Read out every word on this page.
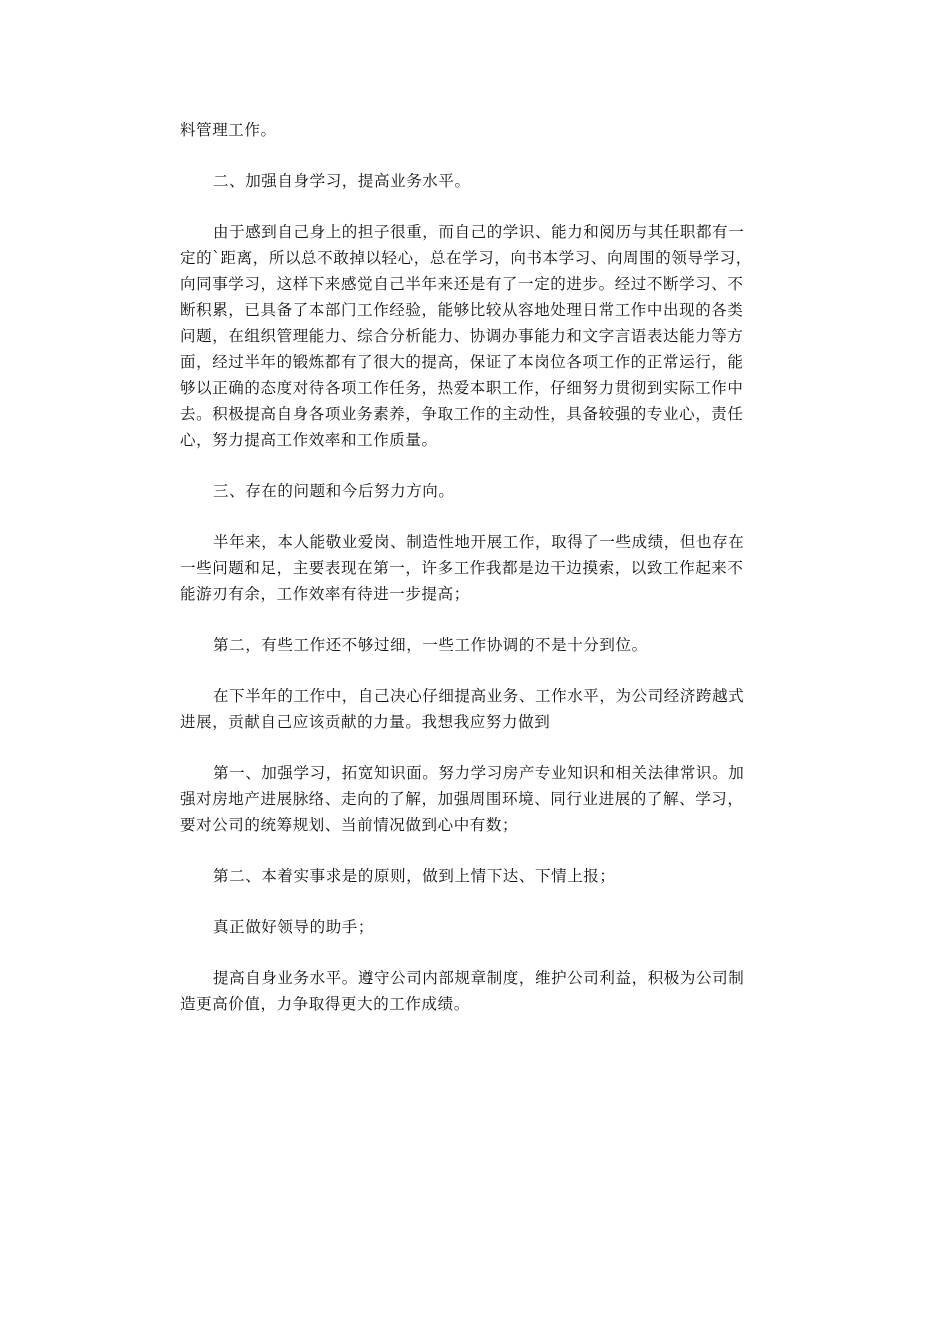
料管理工作。

二、加强自身学习，提高业务水平。

由于感到自己身上的担子很重，而自己的学识、能力和阅历与其任职都有一
定的`距离，所以总不敢掉以轻心，总在学习，向书本学习、向周围的领导学习，
向同事学习，这样下来感觉自己半年来还是有了一定的进步。经过不断学习、不
断积累，已具备了本部门工作经验，能够比较从容地处理日常工作中出现的各类
问题，在组织管理能力、综合分析能力、协调办事能力和文字言语表达能力等方
面，经过半年的锻炼都有了很大的提高，保证了本岗位各项工作的正常运行，能
够以正确的态度对待各项工作任务，热爱本职工作，仔细努力贯彻到实际工作中
去。积极提高自身各项业务素养，争取工作的主动性，具备较强的专业心，责任
心，努力提高工作效率和工作质量。

三、存在的问题和今后努力方向。

半年来，本人能敬业爱岗、制造性地开展工作，取得了一些成绩，但也存在
一些问题和足，主要表现在第一，许多工作我都是边干边摸索，以致工作起来不
能游刃有余，工作效率有待进一步提高；

第二，有些工作还不够过细，一些工作协调的不是十分到位。

在下半年的工作中，自己决心仔细提高业务、工作水平，为公司经济跨越式
进展，贡献自己应该贡献的力量。我想我应努力做到

第一、加强学习，拓宽知识面。努力学习房产专业知识和相关法律常识。加
强对房地产进展脉络、走向的了解，加强周围环境、同行业进展的了解、学习，
要对公司的统筹规划、当前情况做到心中有数；

第二、本着实事求是的原则，做到上情下达、下情上报；

真正做好领导的助手；

提高自身业务水平。遵守公司内部规章制度，维护公司利益，积极为公司制
造更高价值，力争取得更大的工作成绩。
